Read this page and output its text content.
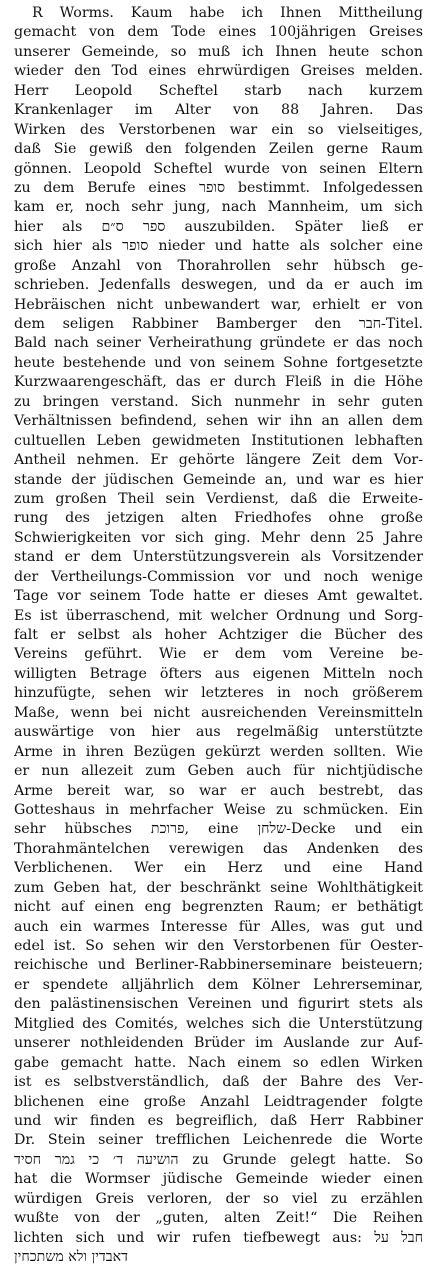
R Worms. Kaum habe ich Ihnen Mittheilung
gemacht von dem Tode eines 100jährigen Greises
unserer Gemeinde, so muß ich Ihnen heute schon
wieder den Tod eines ehrwürdigen Greises melden.
Herr Leopold Scheftel starb nach kurzem
Krankenlager im Alter von 88 Jahren. Das
Wirken des Verstorbenen war ein so vielseitiges,
daß Sie gewiß den folgenden Zeilen gerne Raum
gönnen. Leopold Scheftel wurde von seinen Eltern
zu dem Berufe eines סופר bestimmt. Infolgedessen
kam er, noch sehr jung, nach Mannheim, um sich
hier als ספר ס״ם auszubilden. Später ließ er
sich hier als סופר nieder und hatte als solcher eine
große Anzahl von Thorahrollen sehr hübsch ge-
schrieben. Jedenfalls deswegen, und da er auch im
Hebräischen nicht unbewandert war, erhielt er von
dem seligen Rabbiner Bamberger den חבר-Titel.
Bald nach seiner Verheirathung gründete er das noch
heute bestehende und von seinem Sohne fortgesetzte
Kurzwaarengeschäft, das er durch Fleiß in die Höhe
zu bringen verstand. Sich nunmehr in sehr guten
Verhältnissen befindend, sehen wir ihn an allen dem
cultuellen Leben gewidmeten Institutionen lebhaften
Antheil nehmen. Er gehörte längere Zeit dem Vor-
stande der jüdischen Gemeinde an, und war es hier
zum großen Theil sein Verdienst, daß die Erweite-
rung des jetzigen alten Friedhofes ohne große
Schwierigkeiten vor sich ging. Mehr denn 25 Jahre
stand er dem Unterstützungsverein als Vorsitzender
der Vertheilungs-Commission vor und noch wenige
Tage vor seinem Tode hatte er dieses Amt gewaltet.
Es ist überraschend, mit welcher Ordnung und Sorg-
falt er selbst als hoher Achtziger die Bücher des
Vereins geführt. Wie er dem vom Vereine be-
willigten Betrage öfters aus eigenen Mitteln noch
hinzufügte, sehen wir letzteres in noch größerem
Maße, wenn bei nicht ausreichenden Vereinsmitteln
auswärtige von hier aus regelmäßig unterstützte
Arme in ihren Bezügen gekürzt werden sollten. Wie
er nun allezeit zum Geben auch für nichtjüdische
Arme bereit war, so war er auch bestrebt, das
Gotteshaus in mehrfacher Weise zu schmücken. Ein
sehr hübsches פרוכת, eine שלחן-Decke und ein
Thorahmäntelchen verewigen das Andenken des
Verblichenen. Wer ein Herz und eine Hand
zum Geben hat, der beschränkt seine Wohlthätigkeit
nicht auf einen eng begrenzten Raum; er bethätigt
auch ein warmes Interesse für Alles, was gut und
edel ist. So sehen wir den Verstorbenen für Oester-
reichische und Berliner-Rabbinerseminare beisteuern;
er spendete alljährlich dem Kölner Lehrerseminar,
den palästinensischen Vereinen und figurirt stets als
Mitglied des Comités, welches sich die Unterstützung
unserer nothleidenden Brüder im Auslande zur Auf-
gabe gemacht hatte. Nach einem so edlen Wirken
ist es selbstverständlich, daß der Bahre des Ver-
blichenen eine große Anzahl Leidtragender folgte
und wir finden es begreiflich, daß Herr Rabbiner
Dr. Stein seiner trefflichen Leichenrede die Worte
הושיעה ד׳ כי גמר חסיד zu Grunde gelegt hatte. So
hat die Wormser jüdische Gemeinde wieder einen
würdigen Greis verloren, der so viel zu erzählen
wußte von der „guten, alten Zeit!“ Die Reihen
lichten sich und wir rufen tiefbewegt aus: חבל על
דאבדין ולא משתכחין
